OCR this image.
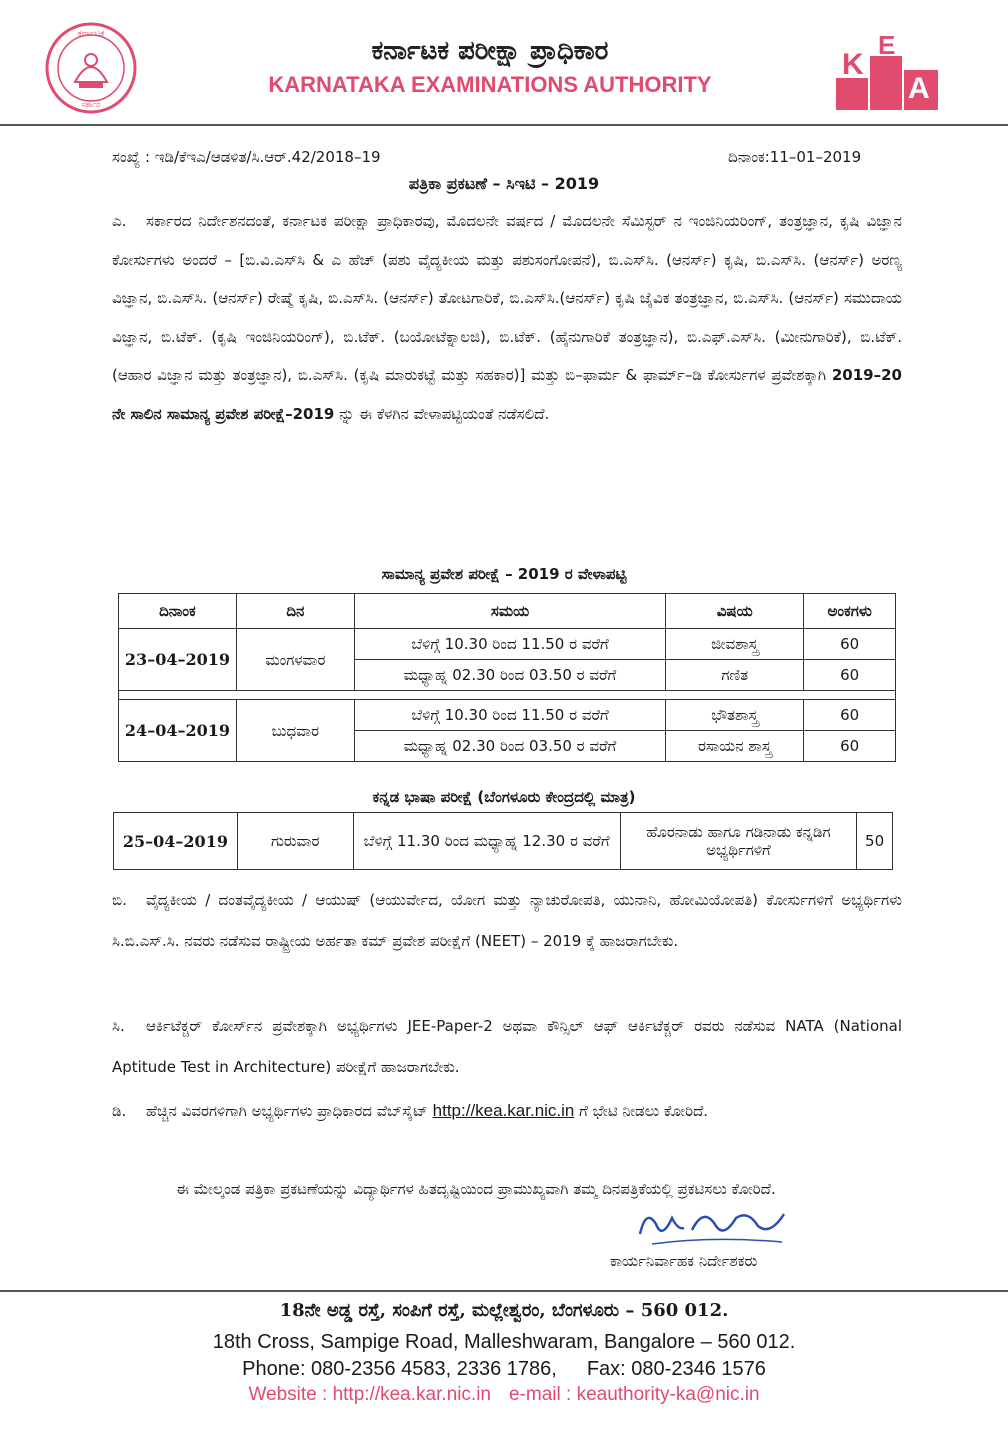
ಕರ್ನಾಟಕ
ಸರ್ಕಾರ
ಕರ್ನಾಟಕ ಪರೀಕ್ಷಾ ಪ್ರಾಧಿಕಾರ
KARNATAKA EXAMINATIONS AUTHORITY
K
E
A
ಸಂಖ್ಯೆ : ಇಡಿ/ಕೆಇಎ/ಆಡಳಿತ/ಸಿ.ಆರ್.42/2018–19	ದಿನಾಂಕ:11–01–2019
ಪತ್ರಿಕಾ ಪ್ರಕಟಣೆ – ಸಿಇಟಿ – 2019
ಎ. ಸರ್ಕಾರದ ನಿರ್ದೇಶನದಂತೆ, ಕರ್ನಾಟಕ ಪರೀಕ್ಷಾ ಪ್ರಾಧಿಕಾರವು, ಮೊದಲನೇ ವರ್ಷದ / ಮೊದಲನೇ ಸೆಮಿಸ್ಟರ್ ನ ಇಂಜಿನಿಯರಿಂಗ್, ತಂತ್ರಜ್ಞಾನ, ಕೃಷಿ ವಿಜ್ಞಾನ ಕೋರ್ಸುಗಳು ಅಂದರೆ – [ಬಿ.ವಿ.ಎಸ್‌ಸಿ & ಎ ಹೆಚ್ (ಪಶು ವೈದ್ಯಕೀಯ ಮತ್ತು ಪಶುಸಂಗೋಪನೆ), ಬಿ.ಎಸ್‌ಸಿ. (ಆನರ್ಸ್) ಕೃಷಿ, ಬಿ.ಎಸ್‌ಸಿ. (ಆನರ್ಸ್) ಅರಣ್ಯ ವಿಜ್ಞಾನ, ಬಿ.ಎಸ್‌ಸಿ. (ಆನರ್ಸ್) ರೇಷ್ಮೆ ಕೃಷಿ, ಬಿ.ಎಸ್‌ಸಿ. (ಆನರ್ಸ್) ತೋಟಗಾರಿಕೆ, ಬಿ.ಎಸ್‌ಸಿ.(ಆನರ್ಸ್) ಕೃಷಿ ಜೈವಿಕ ತಂತ್ರಜ್ಞಾನ, ಬಿ.ಎಸ್‌ಸಿ. (ಆನರ್ಸ್) ಸಮುದಾಯ ವಿಜ್ಞಾನ, ಬಿ.ಟೆಕ್. (ಕೃಷಿ ಇಂಜಿನಿಯರಿಂಗ್), ಬಿ.ಟೆಕ್. (ಬಯೋಟೆಕ್ನಾಲಜಿ), ಬಿ.ಟೆಕ್. (ಹೈನುಗಾರಿಕೆ ತಂತ್ರಜ್ಞಾನ), ಬಿ.ಎಫ್.ಎಸ್‌ಸಿ. (ಮೀನುಗಾರಿಕೆ), ಬಿ.ಟೆಕ್. (ಆಹಾರ ವಿಜ್ಞಾನ ಮತ್ತು ತಂತ್ರಜ್ಞಾನ), ಬಿ.ಎಸ್‌ಸಿ. (ಕೃಷಿ ಮಾರುಕಟ್ಟೆ ಮತ್ತು ಸಹಕಾರ)] ಮತ್ತು ಬಿ–ಫಾರ್ಮ & ಫಾರ್ಮ್–ಡಿ ಕೋರ್ಸುಗಳ ಪ್ರವೇಶಕ್ಕಾಗಿ 2019–20 ನೇ ಸಾಲಿನ ಸಾಮಾನ್ಯ ಪ್ರವೇಶ ಪರೀಕ್ಷೆ–2019 ನ್ನು ಈ ಕೆಳಗಿನ ವೇಳಾಪಟ್ಟಿಯಂತೆ ನಡೆಸಲಿದೆ.
ಸಾಮಾನ್ಯ ಪ್ರವೇಶ ಪರೀಕ್ಷೆ – 2019 ರ ವೇಳಾಪಟ್ಟಿ
ದಿನಾಂಕ	ದಿನ	ಸಮಯ	ವಿಷಯ	ಅಂಕಗಳು
23–04–2019	ಮಂಗಳವಾರ	ಬೆಳಿಗ್ಗೆ 10.30 ರಿಂದ 11.50 ರ ವರೆಗೆ	ಜೀವಶಾಸ್ತ್ರ	60
		ಮಧ್ಯಾಹ್ನ 02.30 ರಿಂದ 03.50 ರ ವರೆಗೆ	ಗಣಿತ	60

24–04–2019	ಬುಧವಾರ	ಬೆಳಿಗ್ಗೆ 10.30 ರಿಂದ 11.50 ರ ವರೆಗೆ	ಭೌತಶಾಸ್ತ್ರ	60
		ಮಧ್ಯಾಹ್ನ 02.30 ರಿಂದ 03.50 ರ ವರೆಗೆ	ರಸಾಯನ ಶಾಸ್ತ್ರ	60
ಕನ್ನಡ ಭಾಷಾ ಪರೀಕ್ಷೆ (ಬೆಂಗಳೂರು ಕೇಂದ್ರದಲ್ಲಿ ಮಾತ್ರ)
25–04–2019	ಗುರುವಾರ	ಬೆಳಿಗ್ಗೆ 11.30 ರಿಂದ ಮಧ್ಯಾಹ್ನ 12.30 ರ ವರೆಗೆ	ಹೊರನಾಡು ಹಾಗೂ ಗಡಿನಾಡು ಕನ್ನಡಿಗ ಅಭ್ಯರ್ಥಿಗಳಿಗೆ	50
ಬಿ. ವೈದ್ಯಕೀಯ / ದಂತವೈದ್ಯಕೀಯ / ಆಯುಷ್ (ಆಯುರ್ವೇದ, ಯೋಗ ಮತ್ತು ನ್ಯಾಚುರೋಪತಿ, ಯುನಾನಿ, ಹೋಮಿಯೋಪತಿ) ಕೋರ್ಸುಗಳಿಗೆ ಅಭ್ಯರ್ಥಿಗಳು ಸಿ.ಬಿ.ಎಸ್.ಸಿ. ನವರು ನಡೆಸುವ ರಾಷ್ಟ್ರೀಯ ಅರ್ಹತಾ ಕಮ್ ಪ್ರವೇಶ ಪರೀಕ್ಷೆಗೆ (NEET) – 2019 ಕ್ಕೆ ಹಾಜರಾಗಬೇಕು.
ಸಿ. ಆರ್ಕಿಟೆಕ್ಚರ್ ಕೋರ್ಸ್‌ನ ಪ್ರವೇಶಕ್ಕಾಗಿ ಅಭ್ಯರ್ಥಿಗಳು JEE-Paper-2 ಅಥವಾ ಕೌನ್ಸಿಲ್ ಆಫ್ ಆರ್ಕಿಟೆಕ್ಚರ್ ರವರು ನಡೆಸುವ NATA (National Aptitude Test in Architecture) ಪರೀಕ್ಷೆಗೆ ಹಾಜರಾಗಬೇಕು.
ಡಿ. ಹೆಚ್ಚಿನ ವಿವರಗಳಿಗಾಗಿ ಅಭ್ಯರ್ಥಿಗಳು ಪ್ರಾಧಿಕಾರದ ವೆಬ್‌ಸೈಟ್ http://kea.kar.nic.in ಗೆ ಭೇಟಿ ನೀಡಲು ಕೋರಿದೆ.
ಈ ಮೇಲ್ಕಂಡ ಪತ್ರಿಕಾ ಪ್ರಕಟಣೆಯನ್ನು ವಿದ್ಯಾರ್ಥಿಗಳ ಹಿತದೃಷ್ಟಿಯಿಂದ ಪ್ರಾಮುಖ್ಯವಾಗಿ ತಮ್ಮ ದಿನಪತ್ರಿಕೆಯಲ್ಲಿ ಪ್ರಕಟಿಸಲು ಕೋರಿದೆ.
ಕಾರ್ಯನಿರ್ವಾಹಕ ನಿರ್ದೇಶಕರು
18ನೇ ಅಡ್ಡ ರಸ್ತೆ, ಸಂಪಿಗೆ ರಸ್ತೆ, ಮಲ್ಲೇಶ್ವರಂ, ಬೆಂಗಳೂರು – 560 012.
18th Cross, Sampige Road, Malleshwaram, Bangalore – 560 012.
Phone: 080-2356 4583, 2336 1786, Fax: 080-2346 1576
Website : http://kea.kar.nic.in e-mail : keauthority-ka@nic.in
